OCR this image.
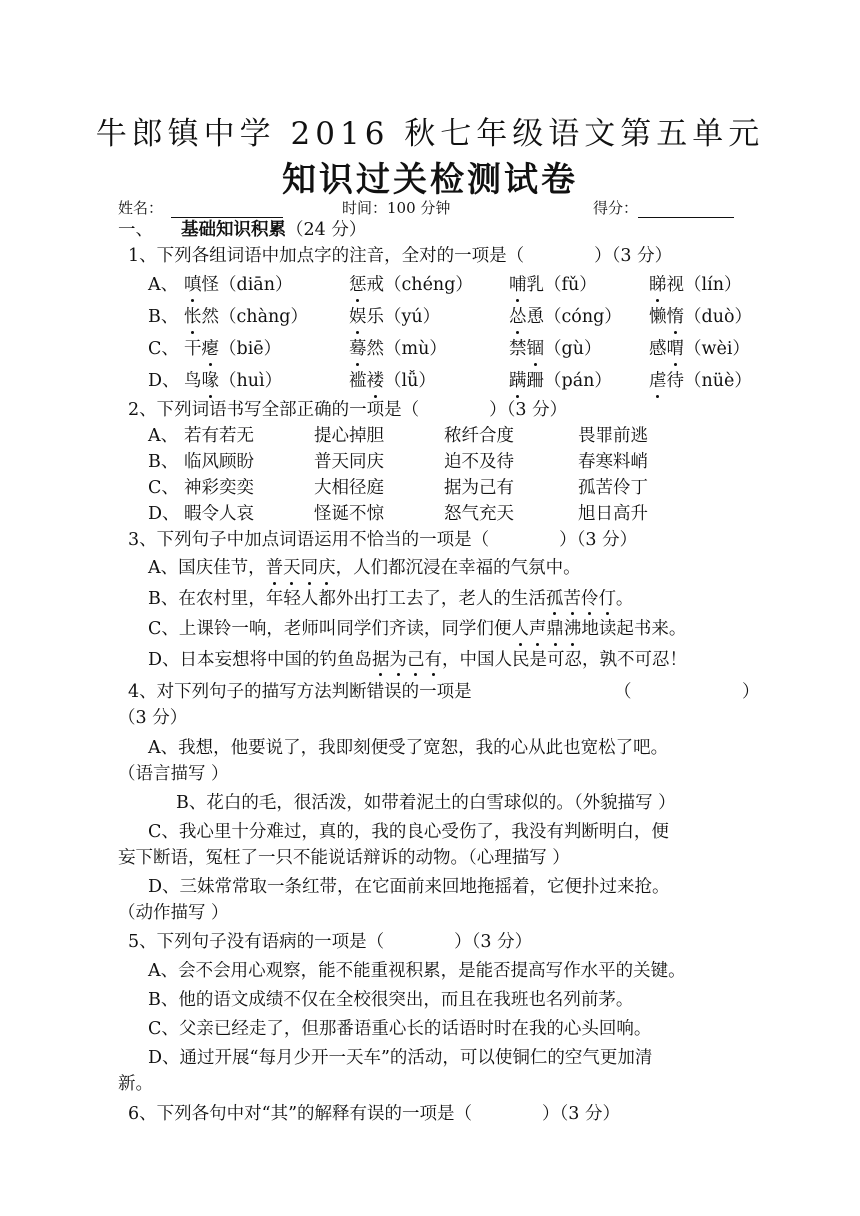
牛郎镇中学 2016 秋七年级语文第五单元
知识过关检测试卷
姓名：	时间：100 分钟	得分：
一、 基础知识积累（24 分）
1、下列各组词语中加点字的注音，全对的一项是（　　　　）（3 分）
A、 嗔怪（diān）	惩戒（chéng） 哺乳（fǔ）	睇视（lín）
B、 怅然（chàng） 娱乐（yú）	怂恿（cóng） 懒惰（duò）
C、 干瘪（biē）	蓦然（mù）	禁锢（gù）	感喟（wèi）
D、 鸟喙（huì）	褴褛（lǚ）	蹒跚（pán） 虐待（nüè）
2、下列词语书写全部正确的一项是（　　　　）（3 分）
A、 若有若无	提心掉胆	秾纤合度	畏罪前逃
B、 临风顾盼	普天同庆	迫不及待	春寒料峭
C、 神彩奕奕	大相径庭	据为己有	孤苦伶丁
D、 暇令人哀	怪诞不惊	怒气充天	旭日高升
3、下列句子中加点词语运用不恰当的一项是（　　　　）（3 分）
A、国庆佳节，普天同庆，人们都沉浸在幸福的气氛中。
B、在农村里，年轻人都外出打工去了，老人的生活孤苦伶仃。
C、上课铃一响，老师叫同学们齐读，同学们便人声鼎沸地读起书来。
D、日本妄想将中国的钓鱼岛据为己有，中国人民是可忍，孰不可忍！
4、对下列句子的描写方法判断错误的一项是	（	）
（3 分）
A、我想，他要说了，我即刻便受了宽恕，我的心从此也宽松了吧。
（语言描写 ）
B、花白的毛，很活泼，如带着泥土的白雪球似的。（外貌描写 ）
C、我心里十分难过，真的，我的良心受伤了，我没有判断明白，便
妄下断语，冤枉了一只不能说话辩诉的动物。（心理描写 ）
D、三妹常常取一条红带，在它面前来回地拖摇着，它便扑过来抢。
（动作描写 ）
5、下列句子没有语病的一项是（　　　　）（3 分）
A、会不会用心观察，能不能重视积累，是能否提高写作水平的关键。
B、他的语文成绩不仅在全校很突出，而且在我班也名列前茅。
C、父亲已经走了，但那番语重心长的话语时时在我的心头回响。
D、通过开展“每月少开一天车”的活动，可以使铜仁的空气更加清
新。
6、下列各句中对“其”的解释有误的一项是（　　　　）（3 分）
